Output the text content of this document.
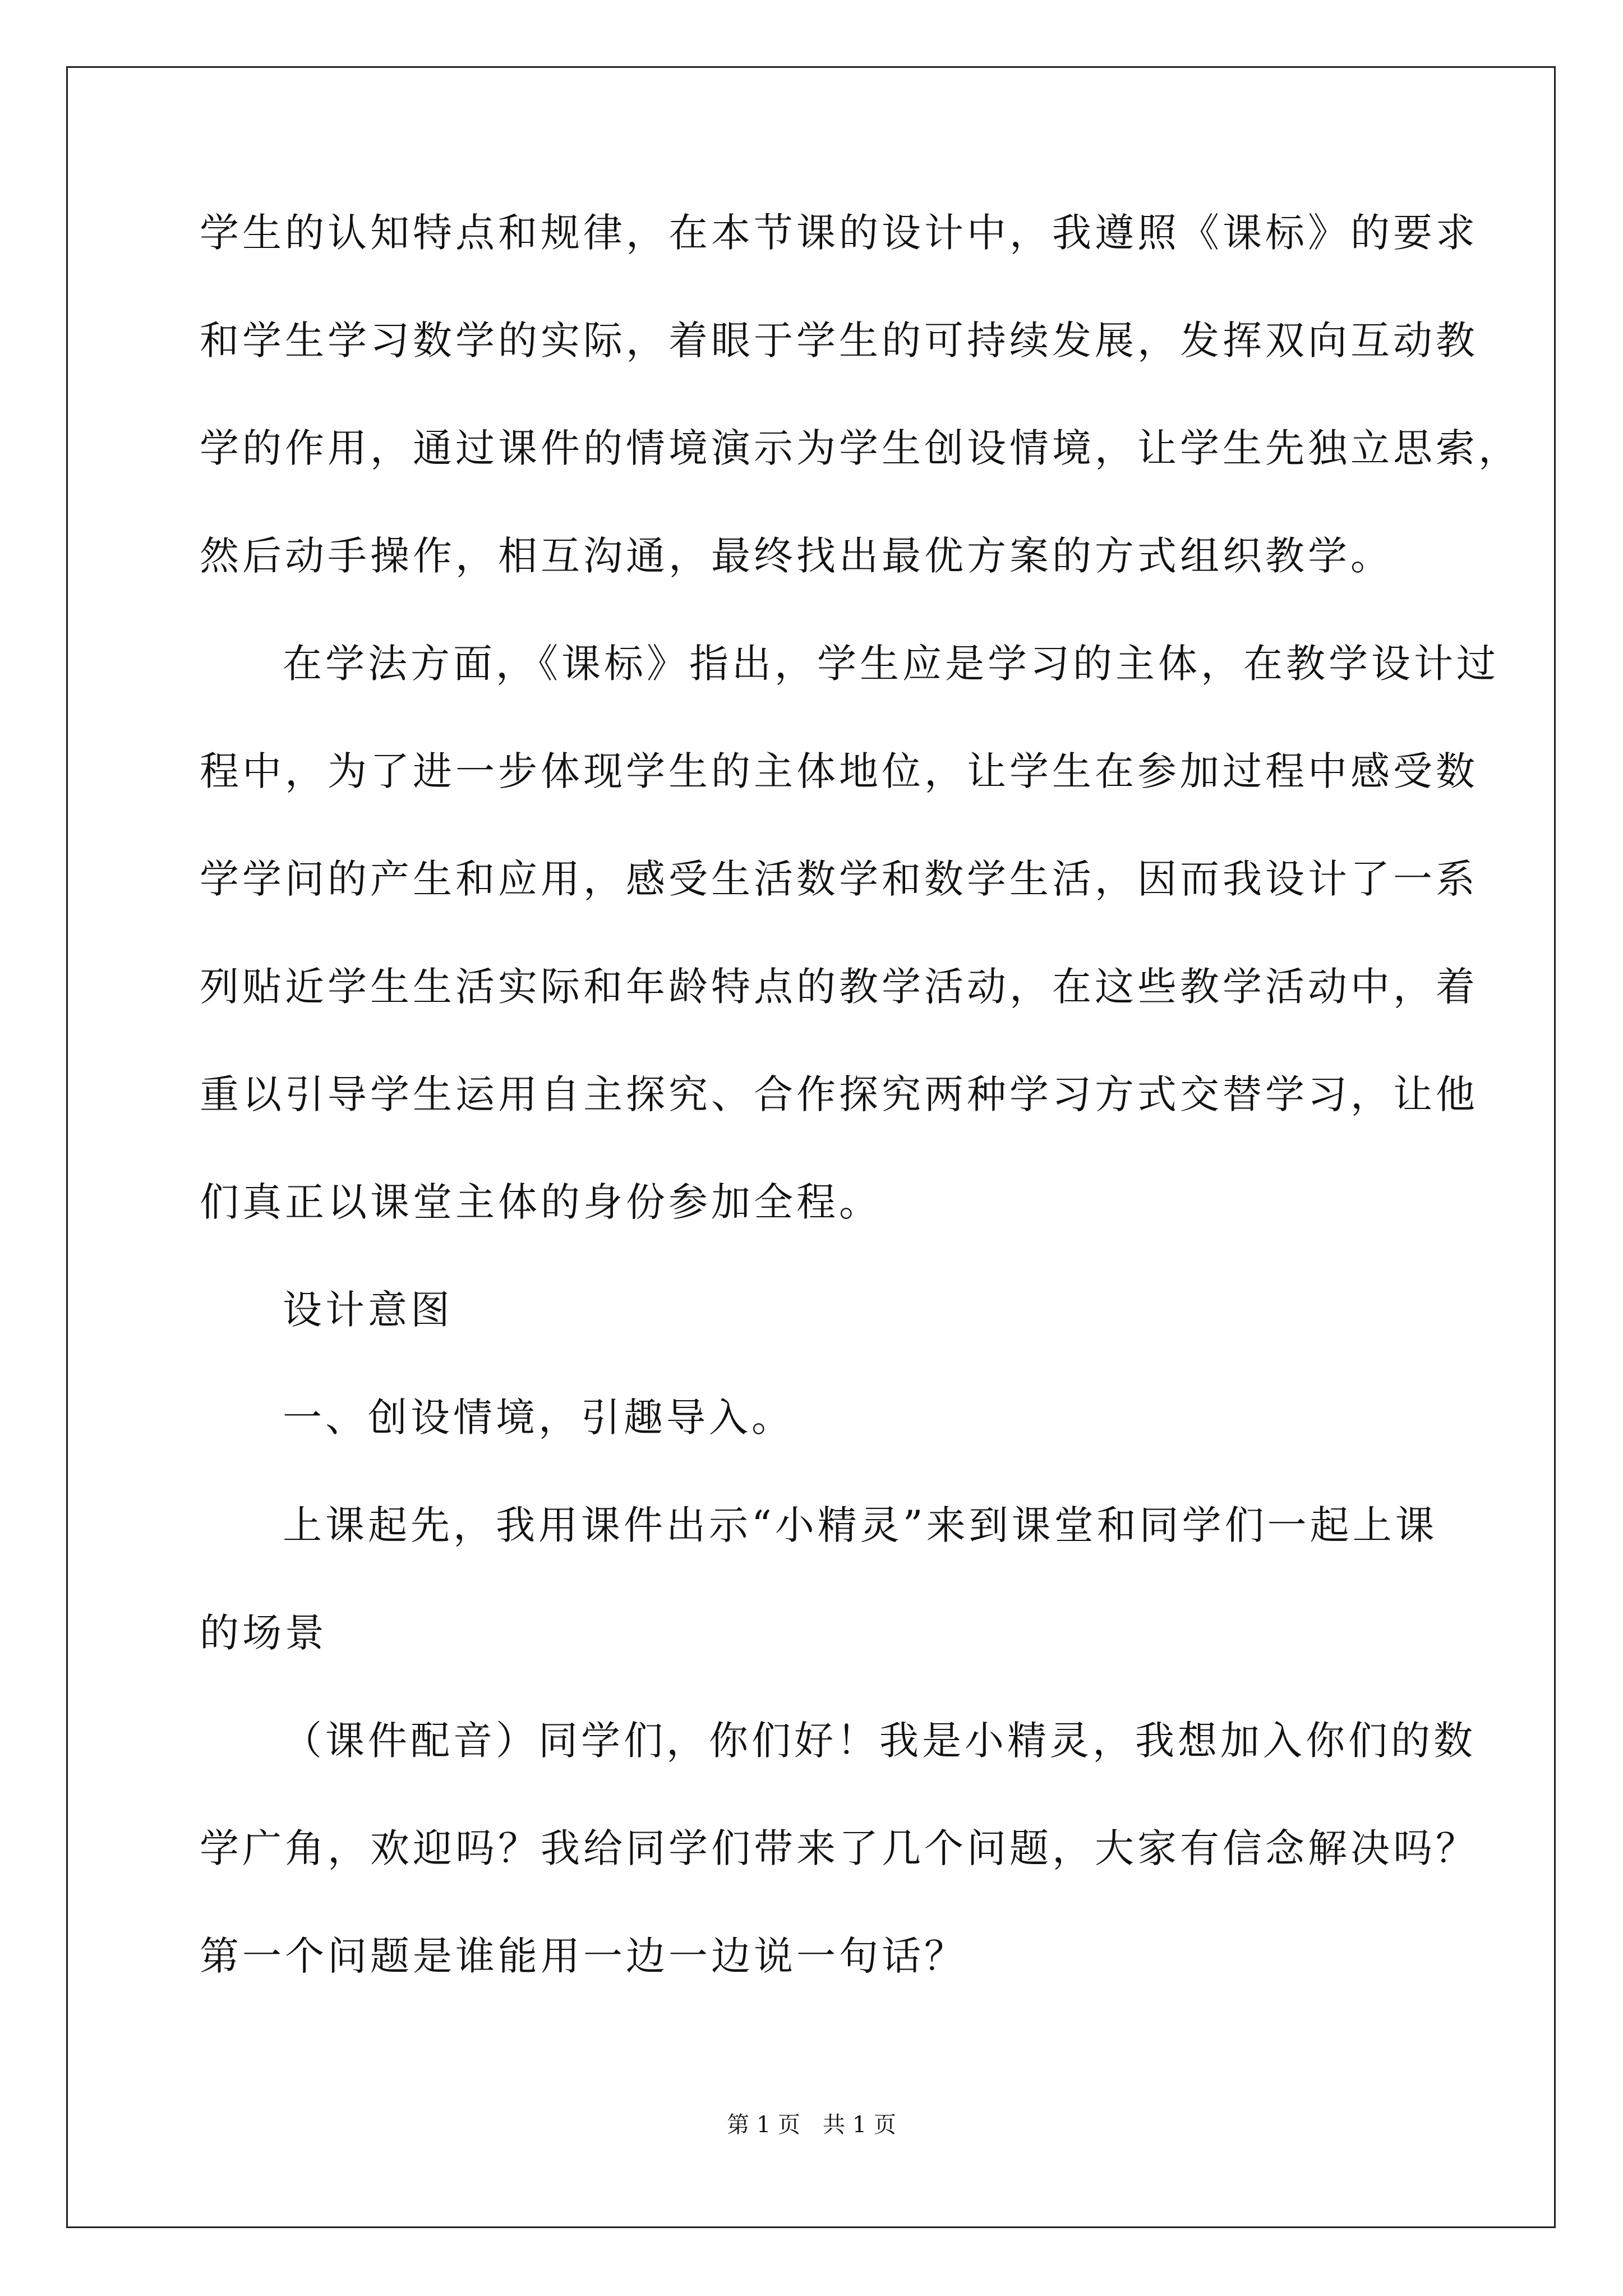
学生的认知特点和规律，在本节课的设计中，我遵照《课标》的要求
和学生学习数学的实际，着眼于学生的可持续发展，发挥双向互动教
学的作用，通过课件的情境演示为学生创设情境，让学生先独立思索，
然后动手操作，相互沟通，最终找出最优方案的方式组织教学。
在学法方面，《课标》指出，学生应是学习的主体，在教学设计过
程中，为了进一步体现学生的主体地位，让学生在参加过程中感受数
学学问的产生和应用，感受生活数学和数学生活，因而我设计了一系
列贴近学生生活实际和年龄特点的教学活动，在这些教学活动中，着
重以引导学生运用自主探究、合作探究两种学习方式交替学习，让他
们真正以课堂主体的身份参加全程。
设计意图
一、创设情境，引趣导入。
上课起先，我用课件出示“小精灵”来到课堂和同学们一起上课
的场景
（课件配音）同学们，你们好！我是小精灵，我想加入你们的数
学广角，欢迎吗？我给同学们带来了几个问题，大家有信念解决吗？
第一个问题是谁能用一边一边说一句话？
第 1 页　共 1 页
